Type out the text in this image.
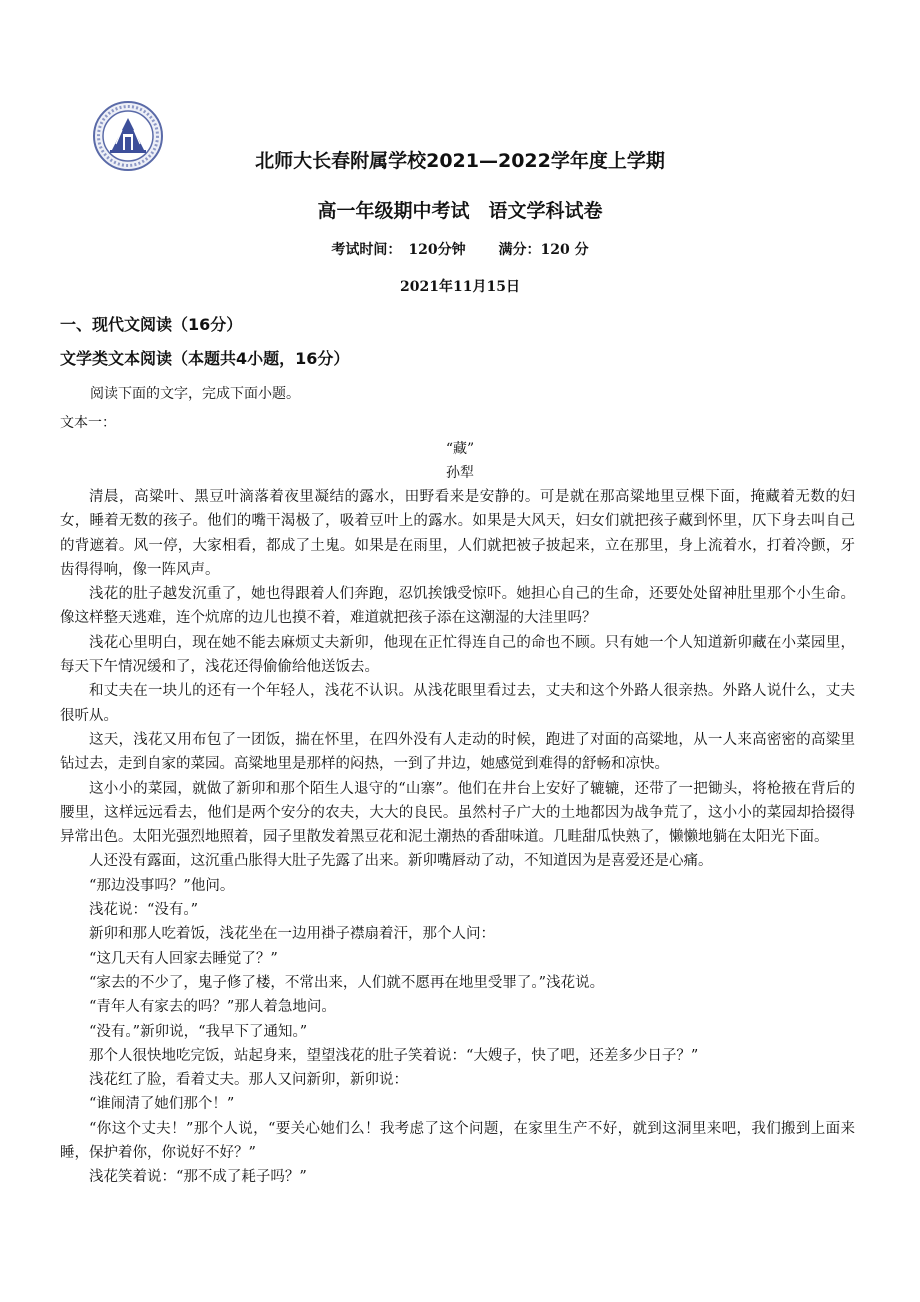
北师大长春附属学校2021—2022学年度上学期
高一年级期中考试　语文学科试卷
考试时间：　120分钟 满分：120 分
2021年11月15日
一、现代文阅读（16分）
文学类文本阅读（本题共4小题，16分）
阅读下面的文字，完成下面小题。
文本一：
“藏”
孙犁

清晨，高粱叶、黑豆叶滴落着夜里凝结的露水，田野看来是安静的。可是就在那高粱地里豆棵下面，掩藏着无数的妇女，睡着无数的孩子。他们的嘴干渴极了，吸着豆叶上的露水。如果是大风天，妇女们就把孩子藏到怀里，仄下身去叫自己的背遮着。风一停，大家相看，都成了土鬼。如果是在雨里，人们就把被子披起来，立在那里，身上流着水，打着冷颤，牙齿得得响，像一阵风声。

浅花的肚子越发沉重了，她也得跟着人们奔跑，忍饥挨饿受惊吓。她担心自己的生命，还要处处留神肚里那个小生命。像这样整天逃难，连个炕席的边儿也摸不着，难道就把孩子添在这潮湿的大洼里吗？

浅花心里明白，现在她不能去麻烦丈夫新卯，他现在正忙得连自己的命也不顾。只有她一个人知道新卯藏在小菜园里，每天下午情况缓和了，浅花还得偷偷给他送饭去。

和丈夫在一块儿的还有一个年轻人，浅花不认识。从浅花眼里看过去，丈夫和这个外路人很亲热。外路人说什么，丈夫很听从。

这天，浅花又用布包了一团饭，揣在怀里，在四外没有人走动的时候，跑进了对面的高粱地，从一人来高密密的高粱里钻过去，走到自家的菜园。高粱地里是那样的闷热，一到了井边，她感觉到难得的舒畅和凉快。

这小小的菜园，就做了新卯和那个陌生人退守的“山寨”。他们在井台上安好了辘辘，还带了一把锄头，将枪掖在背后的腰里，这样远远看去，他们是两个安分的农夫，大大的良民。虽然村子广大的土地都因为战争荒了，这小小的菜园却拾掇得异常出色。太阳光强烈地照着，园子里散发着黑豆花和泥土潮热的香甜味道。几畦甜瓜快熟了，懒懒地躺在太阳光下面。

人还没有露面，这沉重凸胀得大肚子先露了出来。新卯嘴唇动了动，不知道因为是喜爱还是心痛。

“那边没事吗？”他问。

浅花说：“没有。”

新卯和那人吃着饭，浅花坐在一边用褂子襟扇着汗，那个人问：

“这几天有人回家去睡觉了？”

“家去的不少了，鬼子修了楼，不常出来，人们就不愿再在地里受罪了。”浅花说。

“青年人有家去的吗？”那人着急地问。

“没有。”新卯说，“我早下了通知。”

那个人很快地吃完饭，站起身来，望望浅花的肚子笑着说：“大嫂子，快了吧，还差多少日子？”

浅花红了脸，看着丈夫。那人又问新卯，新卯说：

“谁闹清了她们那个！”

“你这个丈夫！”那个人说，“要关心她们么！我考虑了这个问题，在家里生产不好，就到这洞里来吧，我们搬到上面来睡，保护着你，你说好不好？”

浅花笑着说：“那不成了耗子吗？”
